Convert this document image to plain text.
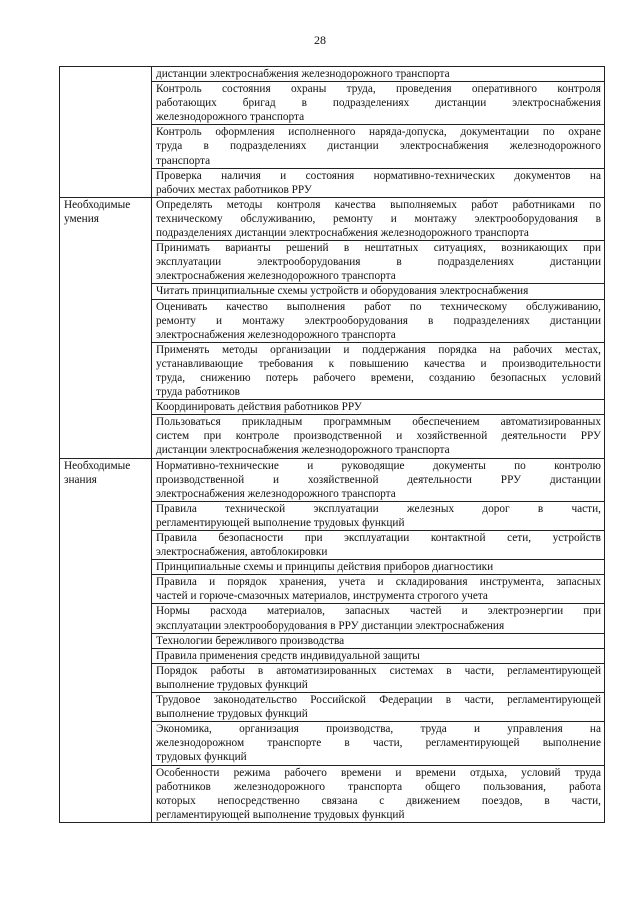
28

	дистанции электроснабжения железнодорожного транспорта

	Контроль состояния охраны труда, проведения оперативного контроля
работающих бригад в подразделениях дистанции электроснабжения
железнодорожного транспорта

	Контроль оформления исполненного наряда-допуска, документации по охране
труда в подразделениях дистанции электроснабжения железнодорожного
транспорта

	Проверка наличия и состояния нормативно-технических документов на
рабочих местах работников РРУ

Необходимые умения	Определять методы контроля качества выполняемых работ работниками по
техническому обслуживанию, ремонту и монтажу электрооборудования в
подразделениях дистанции электроснабжения железнодорожного транспорта

	Принимать варианты решений в нештатных ситуациях, возникающих при
эксплуатации электрооборудования в подразделениях дистанции
электроснабжения железнодорожного транспорта

	Читать принципиальные схемы устройств и оборудования электроснабжения

	Оценивать качество выполнения работ по техническому обслуживанию,
ремонту и монтажу электрооборудования в подразделениях дистанции
электроснабжения железнодорожного транспорта

	Применять методы организации и поддержания порядка на рабочих местах,
устанавливающие требования к повышению качества и производительности
труда, снижению потерь рабочего времени, созданию безопасных условий
труда работников

	Координировать действия работников РРУ

	Пользоваться прикладным программным обеспечением автоматизированных
систем при контроле производственной и хозяйственной деятельности РРУ
дистанции электроснабжения железнодорожного транспорта

Необходимые знания	Нормативно-технические и руководящие документы по контролю
производственной и хозяйственной деятельности РРУ дистанции
электроснабжения железнодорожного транспорта

	Правила технической эксплуатации железных дорог в части,
регламентирующей выполнение трудовых функций

	Правила безопасности при эксплуатации контактной сети, устройств
электроснабжения, автоблокировки

	Принципиальные схемы и принципы действия приборов диагностики

	Правила и порядок хранения, учета и складирования инструмента, запасных
частей и горюче-смазочных материалов, инструмента строгого учета

	Нормы расхода материалов, запасных частей и электроэнергии при
эксплуатации электрооборудования в РРУ дистанции электроснабжения

	Технологии бережливого производства

	Правила применения средств индивидуальной защиты

	Порядок работы в автоматизированных системах в части, регламентирующей
выполнение трудовых функций

	Трудовое законодательство Российской Федерации в части, регламентирующей
выполнение трудовых функций

	Экономика, организация производства, труда и управления на
железнодорожном транспорте в части, регламентирующей выполнение
трудовых функций

	Особенности режима рабочего времени и времени отдыха, условий труда
работников железнодорожного транспорта общего пользования, работа
которых непосредственно связана с движением поездов, в части,
регламентирующей выполнение трудовых функций
